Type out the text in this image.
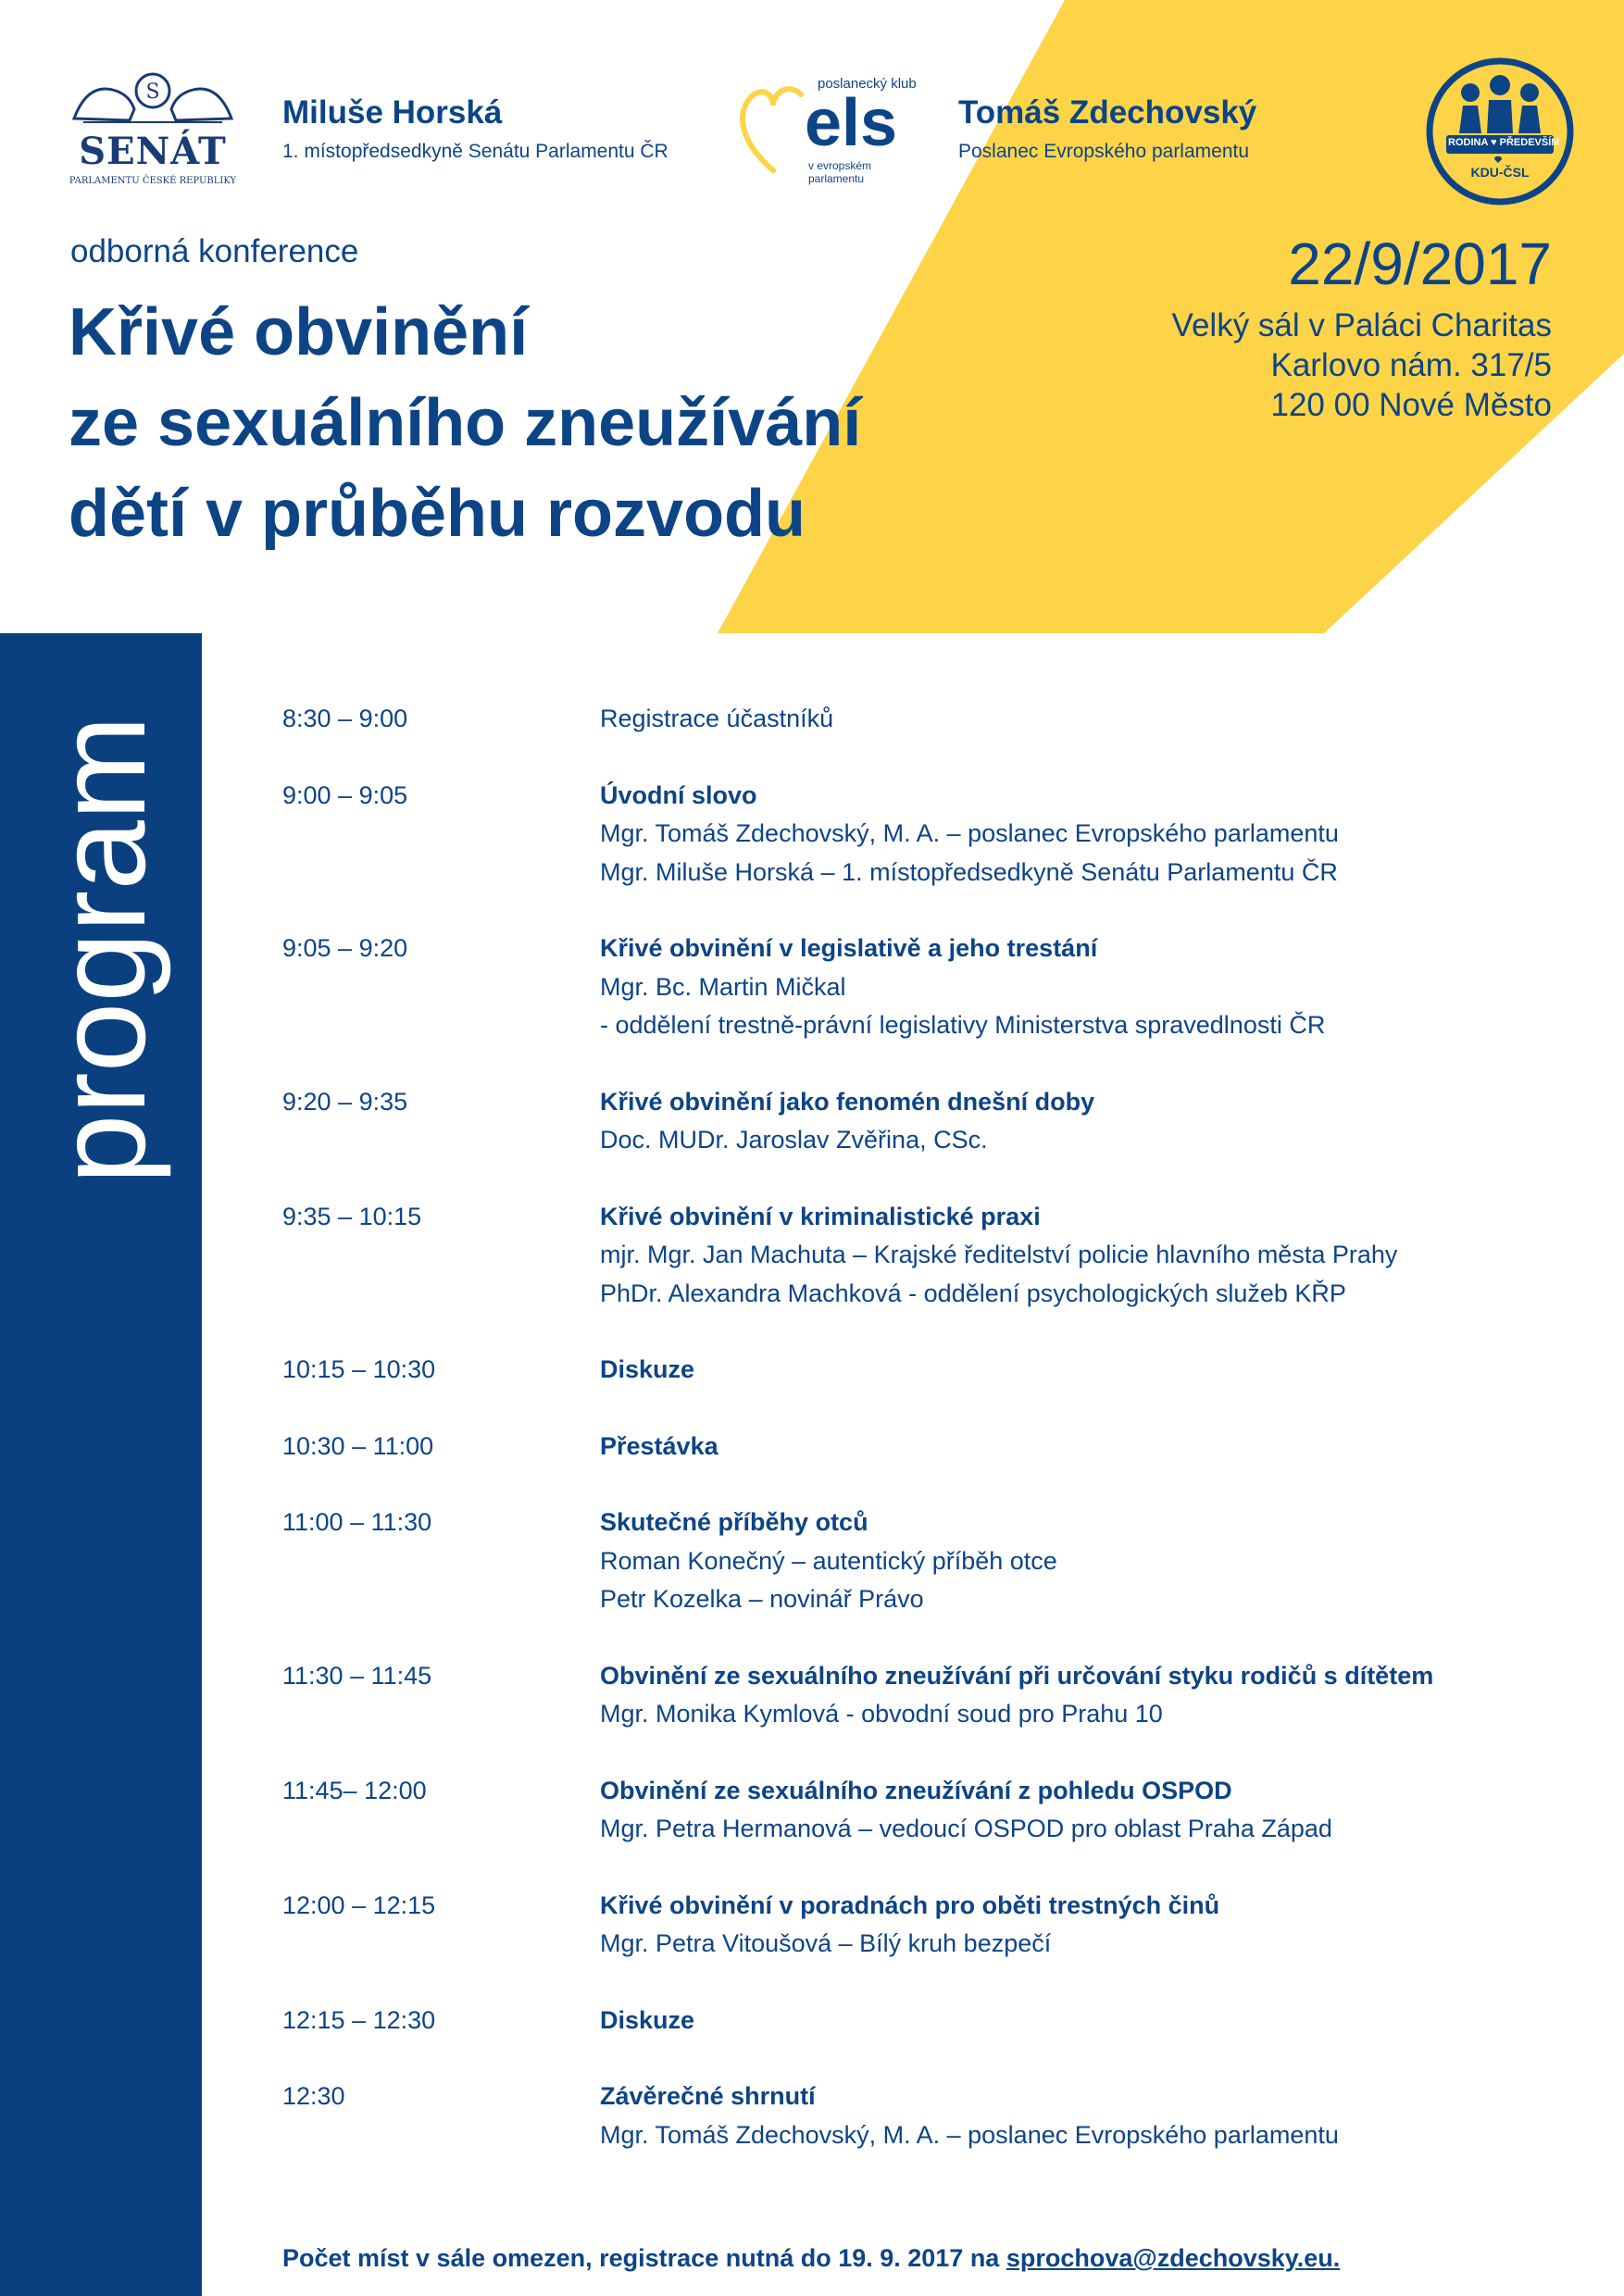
S
SENÁT
PARLAMENTU ČESKÉ REPUBLIKY
Miluše Horská
1. místopředsedkyně Senátu Parlamentu ČR
poslanecký klub
els
v evropském parlamentu
Tomáš Zdechovský
Poslanec Evropského parlamentu	RODINA ♥ PŘEDEVŠÍM
KDU-ČSL
odborná konference
Křivé obvinění
ze sexuálního zneužívání
dětí v průběhu rozvodu
22/9/2017
Velký sál v Paláci Charitas
Karlovo nám. 317/5
120 00 Nové Město
program	8:30 – 9:00	Registrace účastníků
9:00 – 9:05	Úvodní slovo
Mgr. Tomáš Zdechovský, M. A. – poslanec Evropského parlamentu
Mgr. Miluše Horská – 1. místopředsedkyně Senátu Parlamentu ČR
9:05 – 9:20	Křivé obvinění v legislativě a jeho trestání
Mgr. Bc. Martin Mičkal
- oddělení trestně-právní legislativy Ministerstva spravedlnosti ČR
9:20 – 9:35	Křivé obvinění jako fenomén dnešní doby
Doc. MUDr. Jaroslav Zvěřina, CSc.
9:35 – 10:15	Křivé obvinění v kriminalistické praxi
mjr. Mgr. Jan Machuta – Krajské ředitelství policie hlavního města Prahy
PhDr. Alexandra Machková - oddělení psychologických služeb KŘP
10:15 – 10:30	Diskuze
10:30 – 11:00	Přestávka
11:00 – 11:30	Skutečné příběhy otců
Roman Konečný – autentický příběh otce
Petr Kozelka – novinář Právo
11:30 – 11:45	Obvinění ze sexuálního zneužívání při určování styku rodičů s dítětem
Mgr. Monika Kymlová - obvodní soud pro Prahu 10
11:45– 12:00	Obvinění ze sexuálního zneužívání z pohledu OSPOD
Mgr. Petra Hermanová – vedoucí OSPOD pro oblast Praha Západ
12:00 – 12:15	Křivé obvinění v poradnách pro oběti trestných činů
Mgr. Petra Vitoušová – Bílý kruh bezpečí
12:15 – 12:30	Diskuze
12:30	Závěrečné shrnutí
Mgr. Tomáš Zdechovský, M. A. – poslanec Evropského parlamentu
Počet míst v sále omezen, registrace nutná do 19. 9. 2017 na sprochova@zdechovsky.eu.
